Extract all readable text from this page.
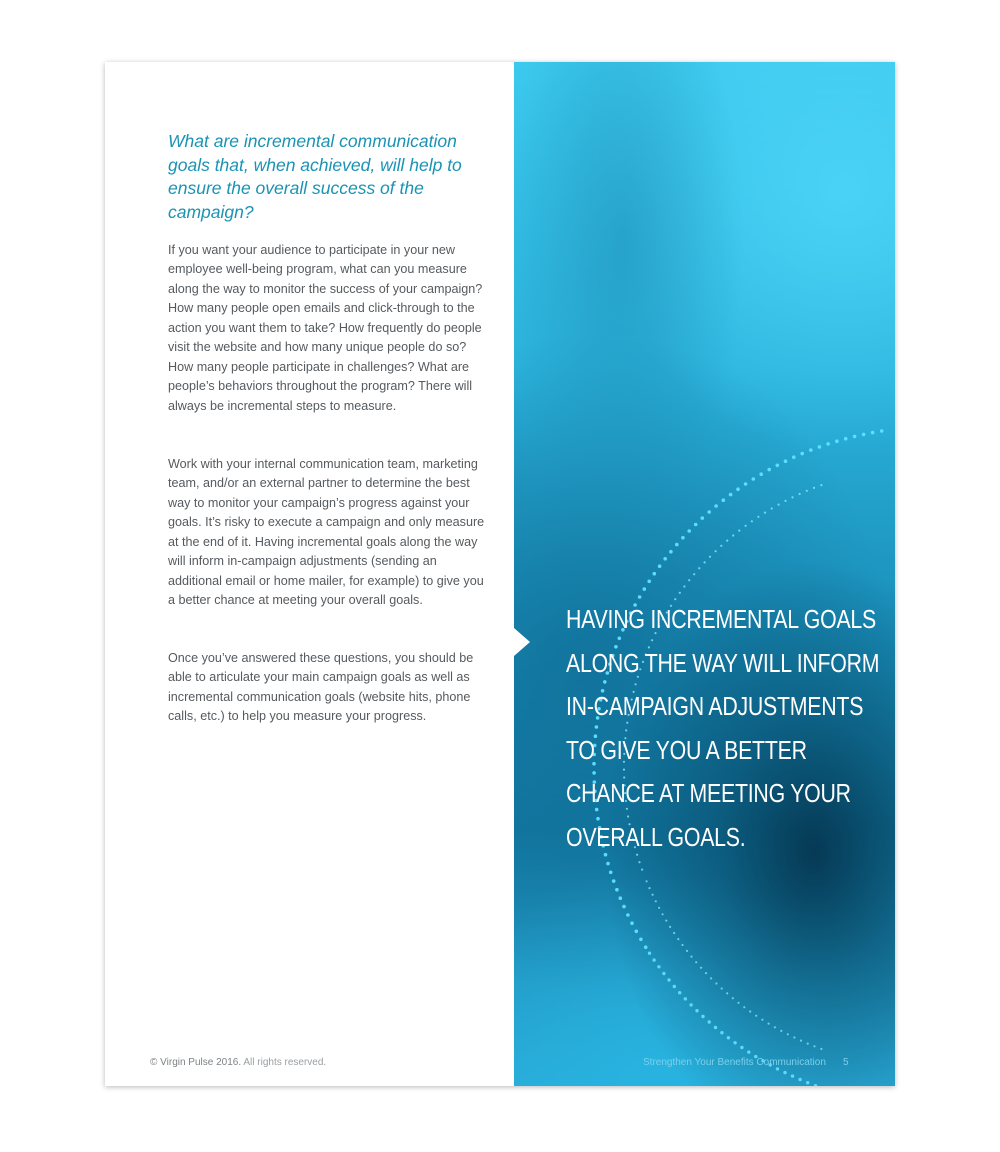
What are incremental communication goals that, when achieved, will help to ensure the overall success of the campaign?

If you want your audience to participate in your new employee well-being program, what can you measure along the way to monitor the success of your campaign? How many people open emails and click-through to the action you want them to take? How frequently do people visit the website and how many unique people do so? How many people participate in challenges? What are people’s behaviors throughout the program? There will always be incremental steps to measure.

Work with your internal communication team, marketing team, and/or an external partner to determine the best way to monitor your campaign’s progress against your goals. It’s risky to execute a campaign and only measure at the end of it. Having incremental goals along the way will inform in-campaign adjustments (sending an additional email or home mailer, for example) to give you a better chance at meeting your overall goals.

Once you’ve answered these questions, you should be able to articulate your main campaign goals as well as incremental communication goals (website hits, phone calls, etc.) to help you measure your progress.

© Virgin Pulse 2016. All rights reserved.
HAVING INCREMENTAL GOALS
ALONG THE WAY WILL INFORM
IN-CAMPAIGN ADJUSTMENTS
TO GIVE YOU A BETTER
CHANCE AT MEETING YOUR
OVERALL GOALS.
Strengthen Your Benefits Communication 5
